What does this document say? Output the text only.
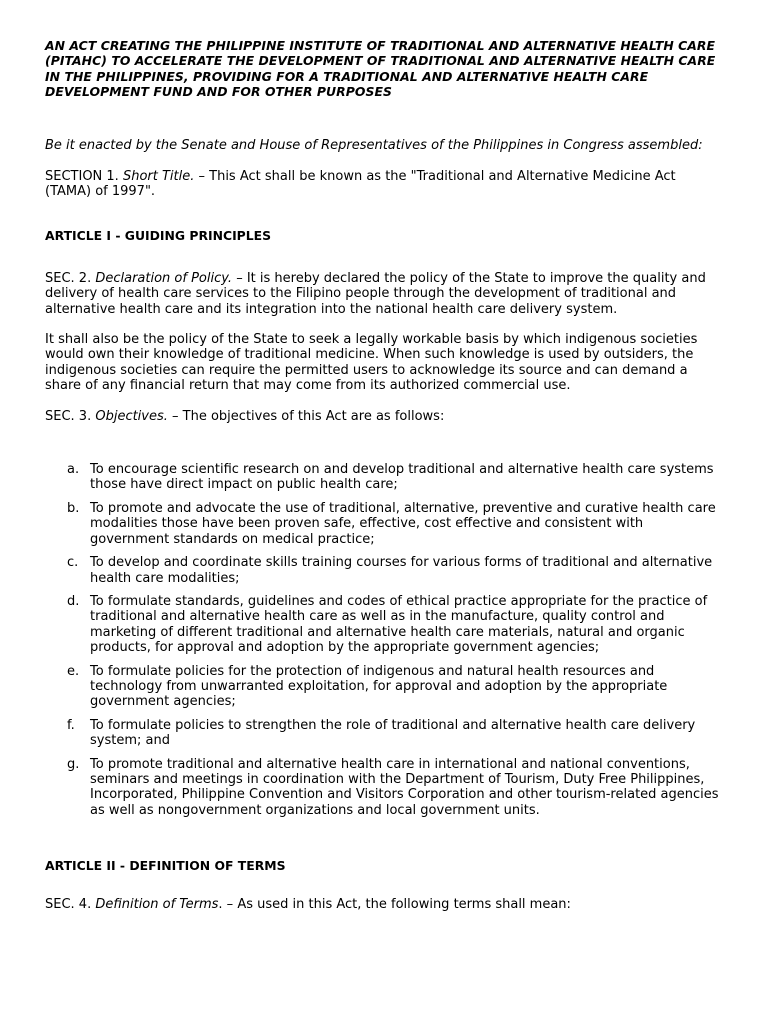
AN ACT CREATING THE PHILIPPINE INSTITUTE OF TRADITIONAL AND ALTERNATIVE HEALTH CARE (PITAHC) TO ACCELERATE THE DEVELOPMENT OF TRADITIONAL AND ALTERNATIVE HEALTH CARE IN THE PHILIPPINES, PROVIDING FOR A TRADITIONAL AND ALTERNATIVE HEALTH CARE DEVELOPMENT FUND AND FOR OTHER PURPOSES

Be it enacted by the Senate and House of Representatives of the Philippines in Congress assembled:

SECTION 1. Short Title. – This Act shall be known as the "Traditional and Alternative Medicine Act (TAMA) of 1997".

ARTICLE I - GUIDING PRINCIPLES

SEC. 2. Declaration of Policy. – It is hereby declared the policy of the State to improve the quality and delivery of health care services to the Filipino people through the development of traditional and alternative health care and its integration into the national health care delivery system.

It shall also be the policy of the State to seek a legally workable basis by which indigenous societies would own their knowledge of traditional medicine. When such knowledge is used by outsiders, the indigenous societies can require the permitted users to acknowledge its source and can demand a share of any financial return that may come from its authorized commercial use.

SEC. 3. Objectives. – The objectives of this Act are as follows:

a. To encourage scientific research on and develop traditional and alternative health care systems those have direct impact on public health care;
b. To promote and advocate the use of traditional, alternative, preventive and curative health care modalities those have been proven safe, effective, cost effective and consistent with government standards on medical practice;
c. To develop and coordinate skills training courses for various forms of traditional and alternative health care modalities;
d. To formulate standards, guidelines and codes of ethical practice appropriate for the practice of traditional and alternative health care as well as in the manufacture, quality control and marketing of different traditional and alternative health care materials, natural and organic products, for approval and adoption by the appropriate government agencies;
e. To formulate policies for the protection of indigenous and natural health resources and technology from unwarranted exploitation, for approval and adoption by the appropriate government agencies;
f. To formulate policies to strengthen the role of traditional and alternative health care delivery system; and
g. To promote traditional and alternative health care in international and national conventions, seminars and meetings in coordination with the Department of Tourism, Duty Free Philippines, Incorporated, Philippine Convention and Visitors Corporation and other tourism-related agencies as well as nongovernment organizations and local government units.

ARTICLE II - DEFINITION OF TERMS

SEC. 4. Definition of Terms. – As used in this Act, the following terms shall mean:
